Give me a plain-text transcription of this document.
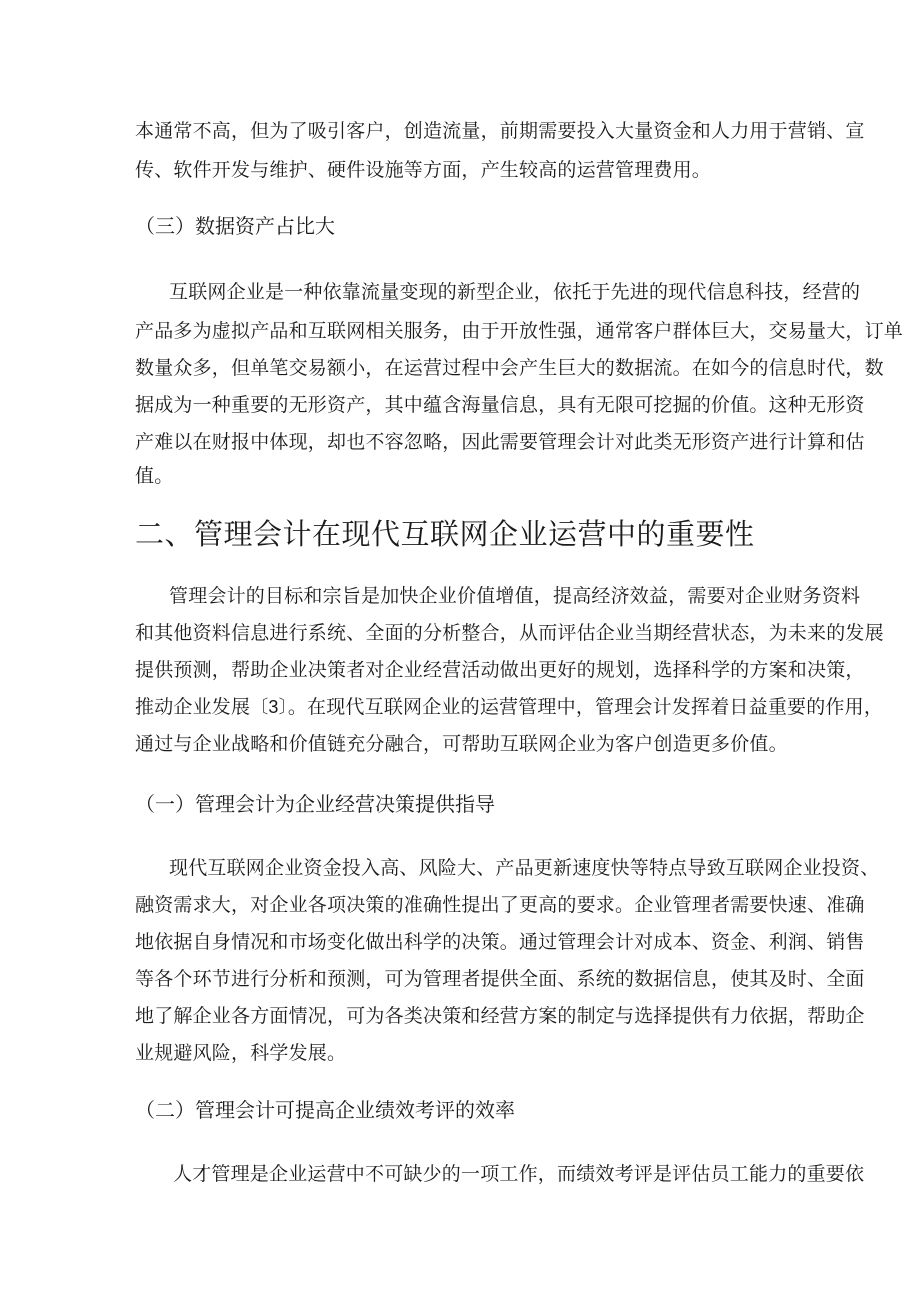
本通常不高，但为了吸引客户，创造流量，前期需要投入大量资金和人力用于营销、宣
传、软件开发与维护、硬件设施等方面，产生较高的运营管理费用。
（三）数据资产占比大
互联网企业是一种依靠流量变现的新型企业，依托于先进的现代信息科技，经营的
产品多为虚拟产品和互联网相关服务，由于开放性强，通常客户群体巨大，交易量大，订单
数量众多，但单笔交易额小，在运营过程中会产生巨大的数据流。在如今的信息时代，数
据成为一种重要的无形资产，其中蕴含海量信息，具有无限可挖掘的价值。这种无形资
产难以在财报中体现，却也不容忽略，因此需要管理会计对此类无形资产进行计算和估
值。
二、管理会计在现代互联网企业运营中的重要性
管理会计的目标和宗旨是加快企业价值增值，提高经济效益，需要对企业财务资料
和其他资料信息进行系统、全面的分析整合，从而评估企业当期经营状态，为未来的发展
提供预测，帮助企业决策者对企业经营活动做出更好的规划，选择科学的方案和决策，
推动企业发展〔3〕。在现代互联网企业的运营管理中，管理会计发挥着日益重要的作用，
通过与企业战略和价值链充分融合，可帮助互联网企业为客户创造更多价值。
（一）管理会计为企业经营决策提供指导
现代互联网企业资金投入高、风险大、产品更新速度快等特点导致互联网企业投资、
融资需求大，对企业各项决策的准确性提出了更高的要求。企业管理者需要快速、准确
地依据自身情况和市场变化做出科学的决策。通过管理会计对成本、资金、利润、销售
等各个环节进行分析和预测，可为管理者提供全面、系统的数据信息，使其及时、全面
地了解企业各方面情况，可为各类决策和经营方案的制定与选择提供有力依据，帮助企
业规避风险，科学发展。
（二）管理会计可提高企业绩效考评的效率
人才管理是企业运营中不可缺少的一项工作，而绩效考评是评估员工能力的重要依
